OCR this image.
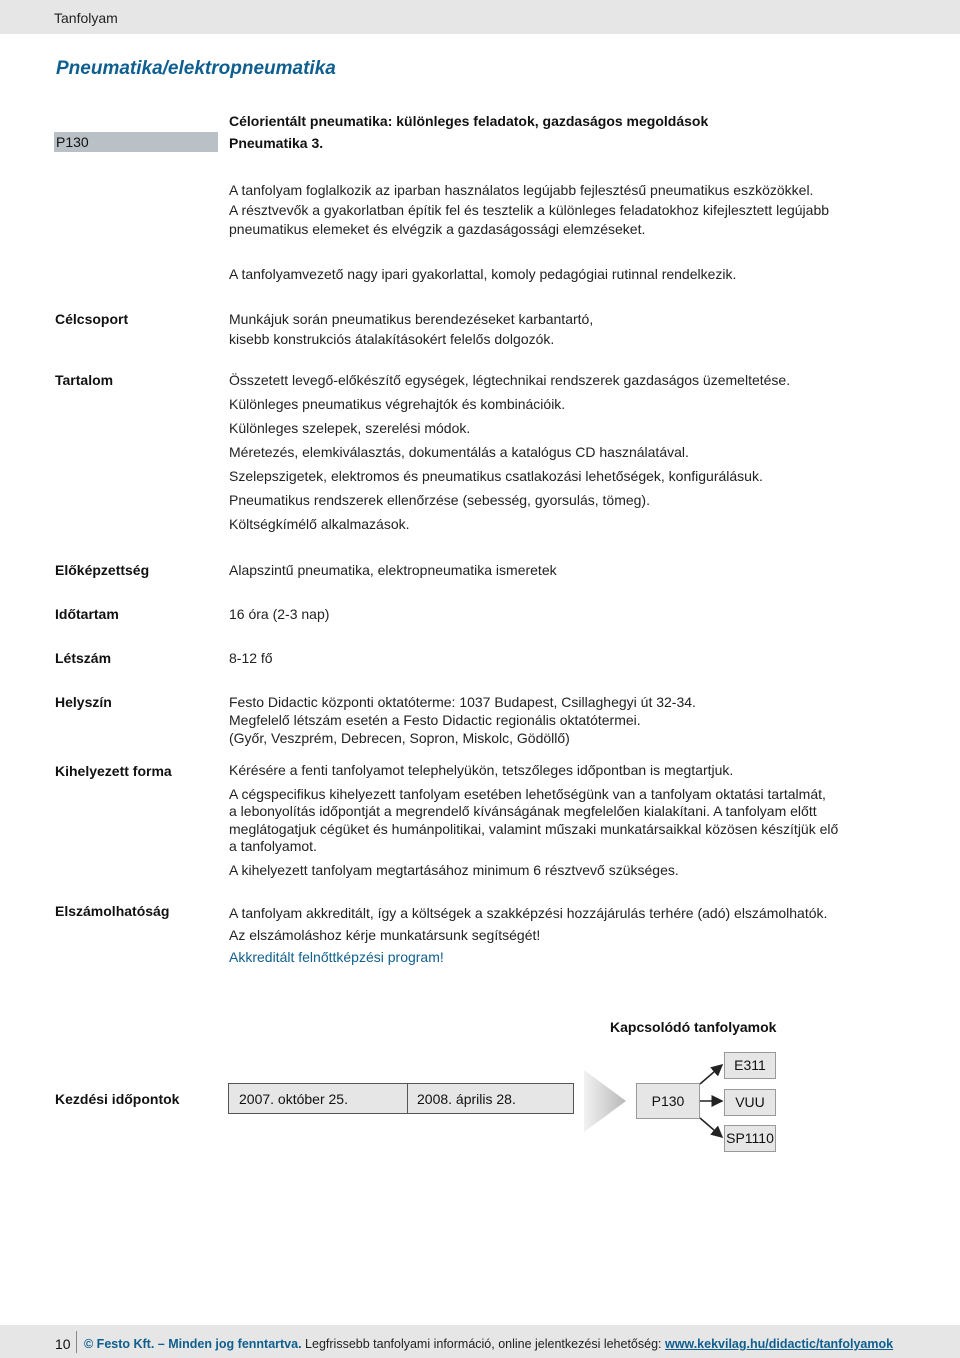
Tanfolyam
Pneumatika/elektropneumatika
P130
Célorientált pneumatika: különleges feladatok, gazdaságos megoldások
Pneumatika 3.
A tanfolyam foglalkozik az iparban használatos legújabb fejlesztésű pneumatikus eszközökkel.
A résztvevők a gyakorlatban építik fel és tesztelik a különleges feladatokhoz kifejlesztett legújabb
pneumatikus elemeket és elvégzik a gazdaságossági elemzéseket.
A tanfolyamvezető nagy ipari gyakorlattal, komoly pedagógiai rutinnal rendelkezik.
Célcsoport	Munkájuk során pneumatikus berendezéseket karbantartó,
kisebb konstrukciós átalakításokért felelős dolgozók.
Tartalom	Összetett levegő-előkészítő egységek, légtechnikai rendszerek gazdaságos üzemeltetése.
Különleges pneumatikus végrehajtók és kombinációik.
Különleges szelepek, szerelési módok.
Méretezés, elemkiválasztás, dokumentálás a katalógus CD használatával.
Szelepszigetek, elektromos és pneumatikus csatlakozási lehetőségek, konfigurálásuk.
Pneumatikus rendszerek ellenőrzése (sebesség, gyorsulás, tömeg).
Költségkímélő alkalmazások.
Előképzettség	Alapszintű pneumatika, elektropneumatika ismeretek
Időtartam	16 óra (2-3 nap)
Létszám	8-12 fő
Helyszín	Festo Didactic központi oktatóterme: 1037 Budapest, Csillaghegyi út 32-34.
Megfelelő létszám esetén a Festo Didactic regionális oktatótermei.
(Győr, Veszprém, Debrecen, Sopron, Miskolc, Gödöllő)
Kihelyezett forma	Kérésére a fenti tanfolyamot telephelyükön, tetszőleges időpontban is megtartjuk.
A cégspecifikus kihelyezett tanfolyam esetében lehetőségünk van a tanfolyam oktatási tartalmát,
a lebonyolítás időpontját a megrendelő kívánságának megfelelően kialakítani. A tanfolyam előtt
meglátogatjuk cégüket és humánpolitikai, valamint műszaki munkatársaikkal közösen készítjük elő
a tanfolyamot.
A kihelyezett tanfolyam megtartásához minimum 6 résztvevő szükséges.
Elszámolhatóság	A tanfolyam akkreditált, így a költségek a szakképzési hozzájárulás terhére (adó) elszámolhatók.
Az elszámoláshoz kérje munkatársunk segítségét!
Akkreditált felnőttképzési program!
Kapcsolódó tanfolyamok
Kezdési időpontok	2007. október 25.	2008. április 28.	P130
E311
VUU
SP1110
10 © Festo Kft. – Minden jog fenntartva. Legfrissebb tanfolyami információ, online jelentkezési lehetőség: www.kekvilag.hu/didactic/tanfolyamok
